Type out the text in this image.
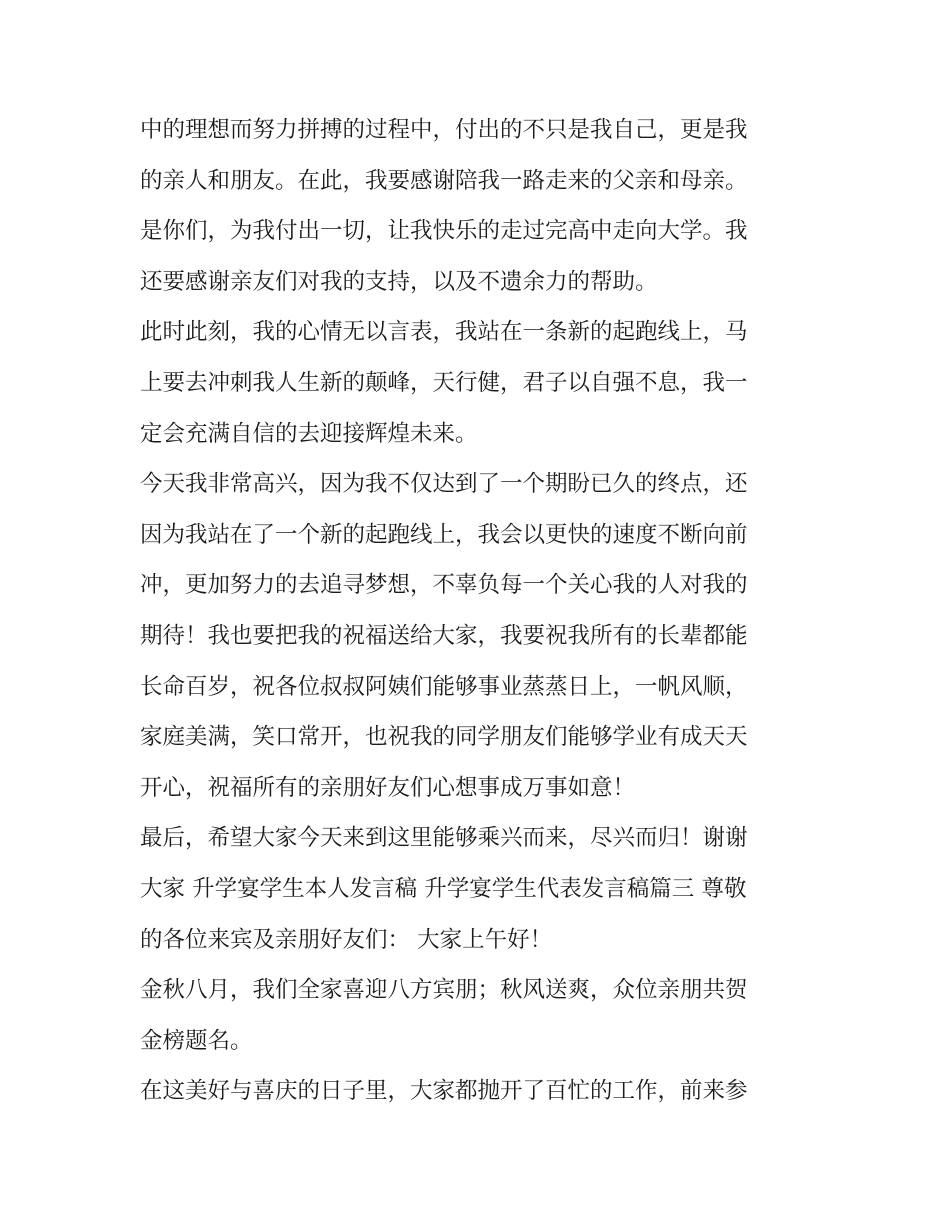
中的理想而努力拼搏的过程中，付出的不只是我自己，更是我
的亲人和朋友。在此，我要感谢陪我一路走来的父亲和母亲。
是你们，为我付出一切，让我快乐的走过完高中走向大学。我
还要感谢亲友们对我的支持，以及不遗余力的帮助。
此时此刻，我的心情无以言表，我站在一条新的起跑线上，马
上要去冲刺我人生新的颠峰，天行健，君子以自强不息，我一
定会充满自信的去迎接辉煌未来。
今天我非常高兴，因为我不仅达到了一个期盼已久的终点，还
因为我站在了一个新的起跑线上，我会以更快的速度不断向前
冲，更加努力的去追寻梦想，不辜负每一个关心我的人对我的
期待！我也要把我的祝福送给大家，我要祝我所有的长辈都能
长命百岁，祝各位叔叔阿姨们能够事业蒸蒸日上，一帆风顺，
家庭美满，笑口常开，也祝我的同学朋友们能够学业有成天天
开心，祝福所有的亲朋好友们心想事成万事如意！
最后，希望大家今天来到这里能够乘兴而来，尽兴而归！谢谢
大家 升学宴学生本人发言稿 升学宴学生代表发言稿篇三 尊敬
的各位来宾及亲朋好友们： 大家上午好！
金秋八月，我们全家喜迎八方宾朋；秋风送爽，众位亲朋共贺
金榜题名。
在这美好与喜庆的日子里，大家都抛开了百忙的工作，前来参
